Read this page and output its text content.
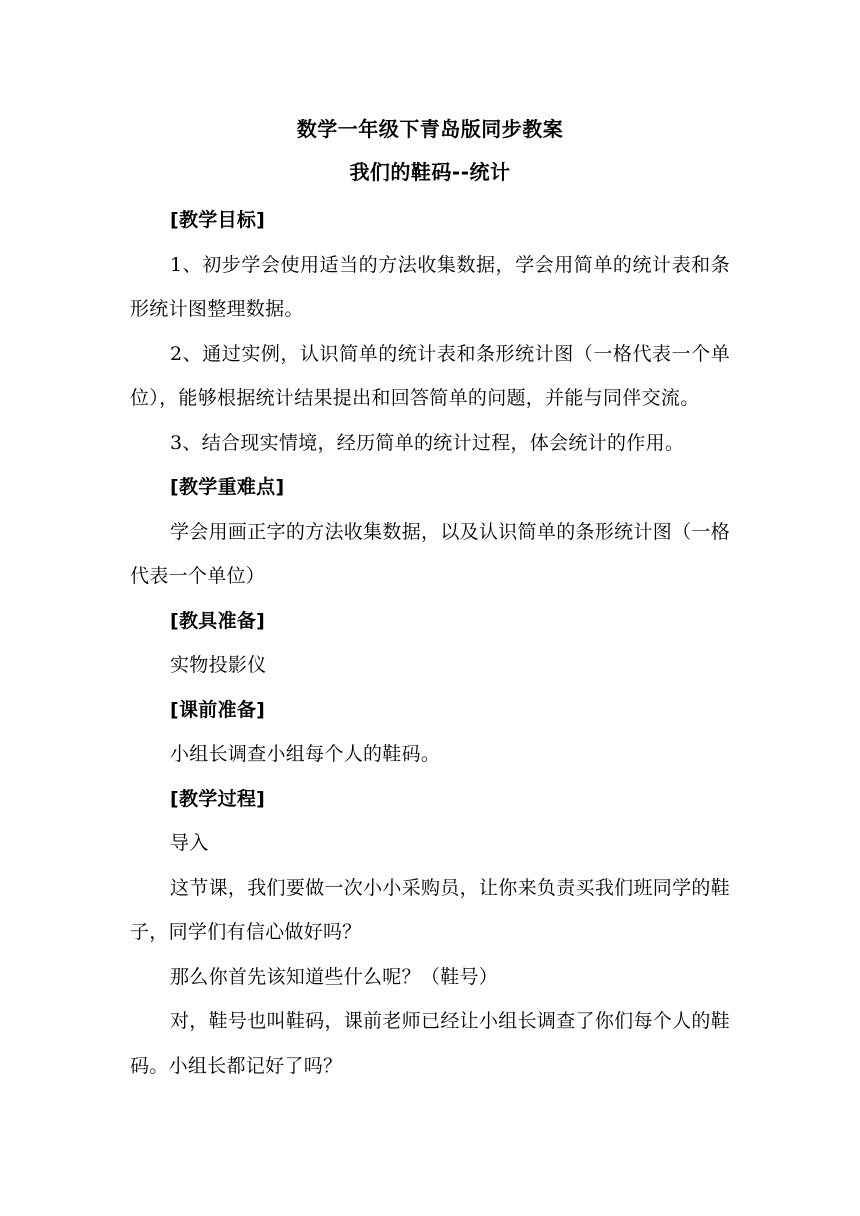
数学一年级下青岛版同步教案
我们的鞋码--统计

[教学目标]

1、初步学会使用适当的方法收集数据，学会用简单的统计表和条形统计图整理数据。

2、通过实例，认识简单的统计表和条形统计图（一格代表一个单位），能够根据统计结果提出和回答简单的问题，并能与同伴交流。

3、结合现实情境，经历简单的统计过程，体会统计的作用。

[教学重难点]

学会用画正字的方法收集数据，以及认识简单的条形统计图（一格代表一个单位）

[教具准备]

实物投影仪

[课前准备]

小组长调查小组每个人的鞋码。

[教学过程]

导入

这节课，我们要做一次小小采购员，让你来负责买我们班同学的鞋子，同学们有信心做好吗？

那么你首先该知道些什么呢？（鞋号）

对，鞋号也叫鞋码，课前老师已经让小组长调查了你们每个人的鞋码。小组长都记好了吗？
